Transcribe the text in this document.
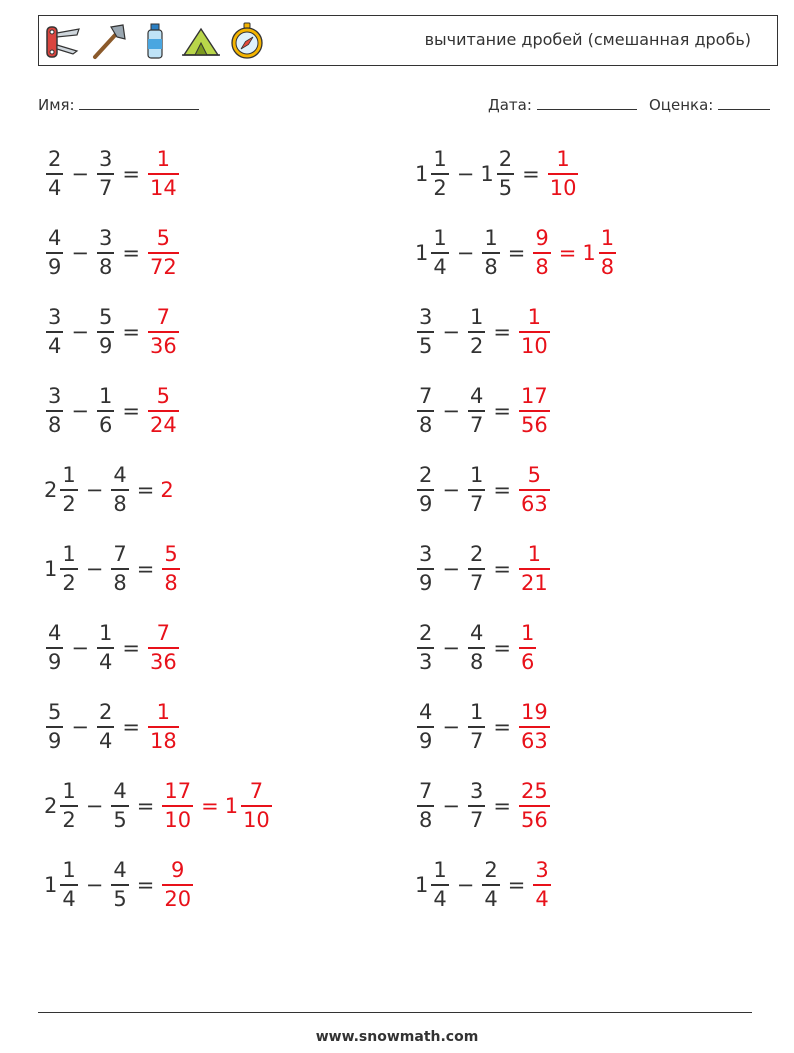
вычитание дробей (смешанная дробь)
Имя:	Дата:	Оценка:
$\frac{2}{4} - \frac{3}{7} = \frac{1}{14}$	$1 \frac{1}{2} - 1 \frac{2}{5} = \frac{1}{10}$
$\frac{4}{9} - \frac{3}{8} = \frac{5}{72}$	$1 \frac{1}{4} - \frac{1}{8} = \frac{9}{8} = 1 \frac{1}{8}$
$\frac{3}{4} - \frac{5}{9} = \frac{7}{36}$	$\frac{3}{5} - \frac{1}{2} = \frac{1}{10}$
$\frac{3}{8} - \frac{1}{6} = \frac{5}{24}$	$\frac{7}{8} - \frac{4}{7} = \frac{17}{56}$
$2 \frac{1}{2} - \frac{4}{8} = 2$	$\frac{2}{9} - \frac{1}{7} = \frac{5}{63}$
$1 \frac{1}{2} - \frac{7}{8} = \frac{5}{8}$	$\frac{3}{9} - \frac{2}{7} = \frac{1}{21}$
$\frac{4}{9} - \frac{1}{4} = \frac{7}{36}$	$\frac{2}{3} - \frac{4}{8} = \frac{1}{6}$
$\frac{5}{9} - \frac{2}{4} = \frac{1}{18}$	$\frac{4}{9} - \frac{1}{7} = \frac{19}{63}$
$2 \frac{1}{2} - \frac{4}{5} = \frac{17}{10} = 1 \frac{7}{10}$	$\frac{7}{8} - \frac{3}{7} = \frac{25}{56}$
$1 \frac{1}{4} - \frac{4}{5} = \frac{9}{20}$	$1 \frac{1}{4} - \frac{2}{4} = \frac{3}{4}$
www.snowmath.com
